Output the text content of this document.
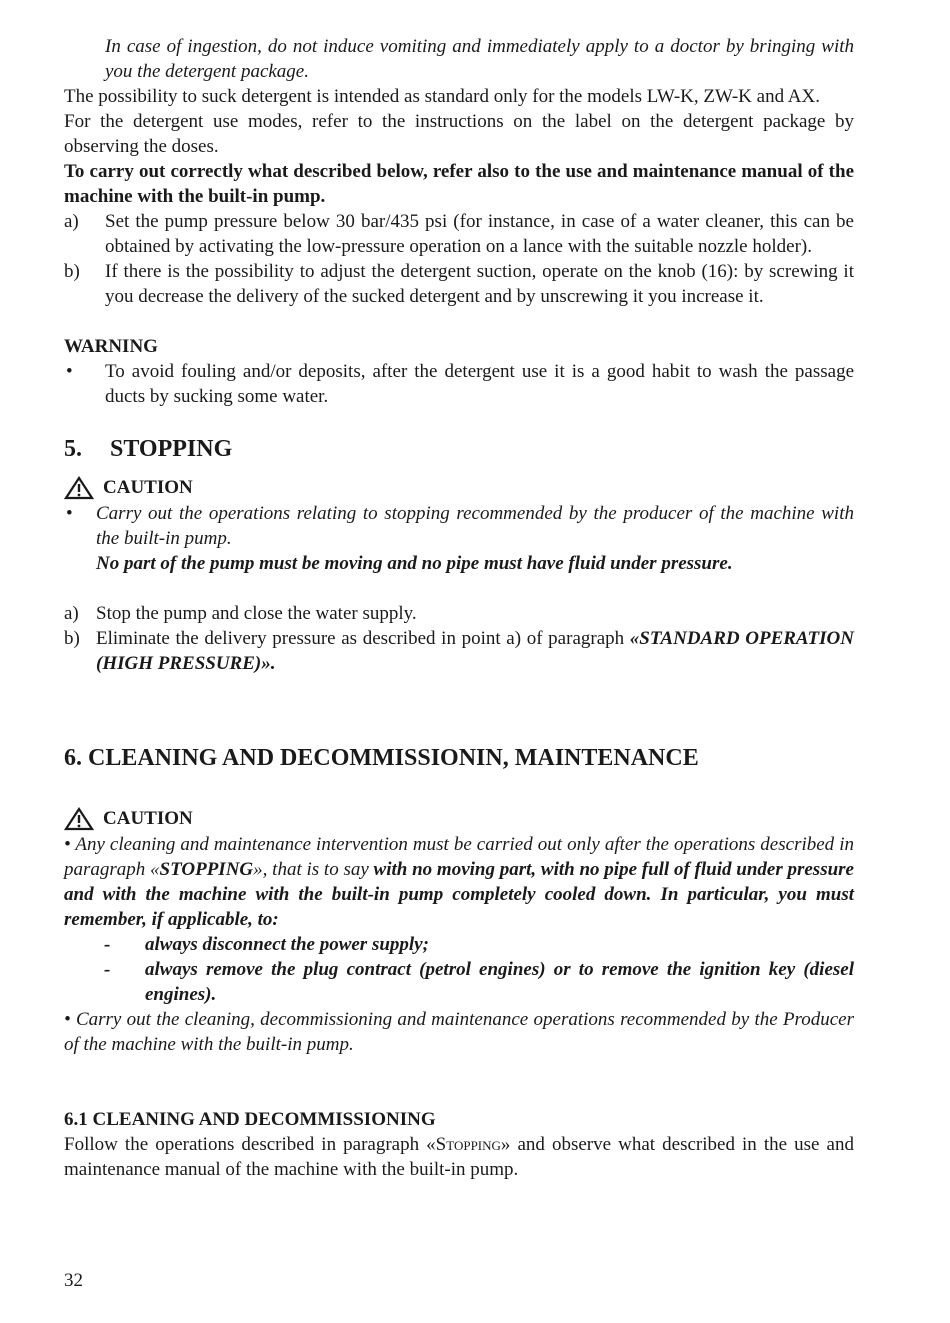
In case of ingestion, do not induce vomiting and immediately apply to a doctor by bringing with you the detergent package.

The possibility to suck detergent is intended as standard only for the models LW-K, ZW-K and AX.

For the detergent use modes, refer to the instructions on the label on the detergent package by observing the doses.

To carry out correctly what described below, refer also to the use and maintenance manual of the machine with the built-in pump.

a) Set the pump pressure below 30 bar/435 psi (for instance, in case of a water cleaner, this can be obtained by activating the low-pressure operation on a lance with the suitable nozzle holder).
b) If there is the possibility to adjust the detergent suction, operate on the knob (16): by screwing it you decrease the delivery of the sucked detergent and by unscrewing it you increase it.

WARNING

• To avoid fouling and/or deposits, after the detergent use it is a good habit to wash the passage ducts by sucking some water.
5. STOPPING
CAUTION
• Carry out the operations relating to stopping recommended by the producer of the machine with the built-in pump.
No part of the pump must be moving and no pipe must have fluid under pressure.
a) Stop the pump and close the water supply.
b) Eliminate the delivery pressure as described in point a) of paragraph «STANDARD OPERATION (HIGH PRESSURE)».
6. CLEANING AND DECOMMISSIONIN, MAINTENANCE
CAUTION

• Any cleaning and maintenance intervention must be carried out only after the operations described in paragraph «STOPPING», that is to say with no moving part, with no pipe full of fluid under pressure and with the machine with the built-in pump completely cooled down. In particular, you must remember, if applicable, to:

- always disconnect the power supply;
- always remove the plug contract (petrol engines) or to remove the ignition key (diesel engines).

• Carry out the cleaning, decommissioning and maintenance operations recommended by the Producer of the machine with the built-in pump.

6.1 CLEANING AND DECOMMISSIONING

Follow the operations described in paragraph «Stopping» and observe what described in the use and maintenance manual of the machine with the built-in pump.

32
